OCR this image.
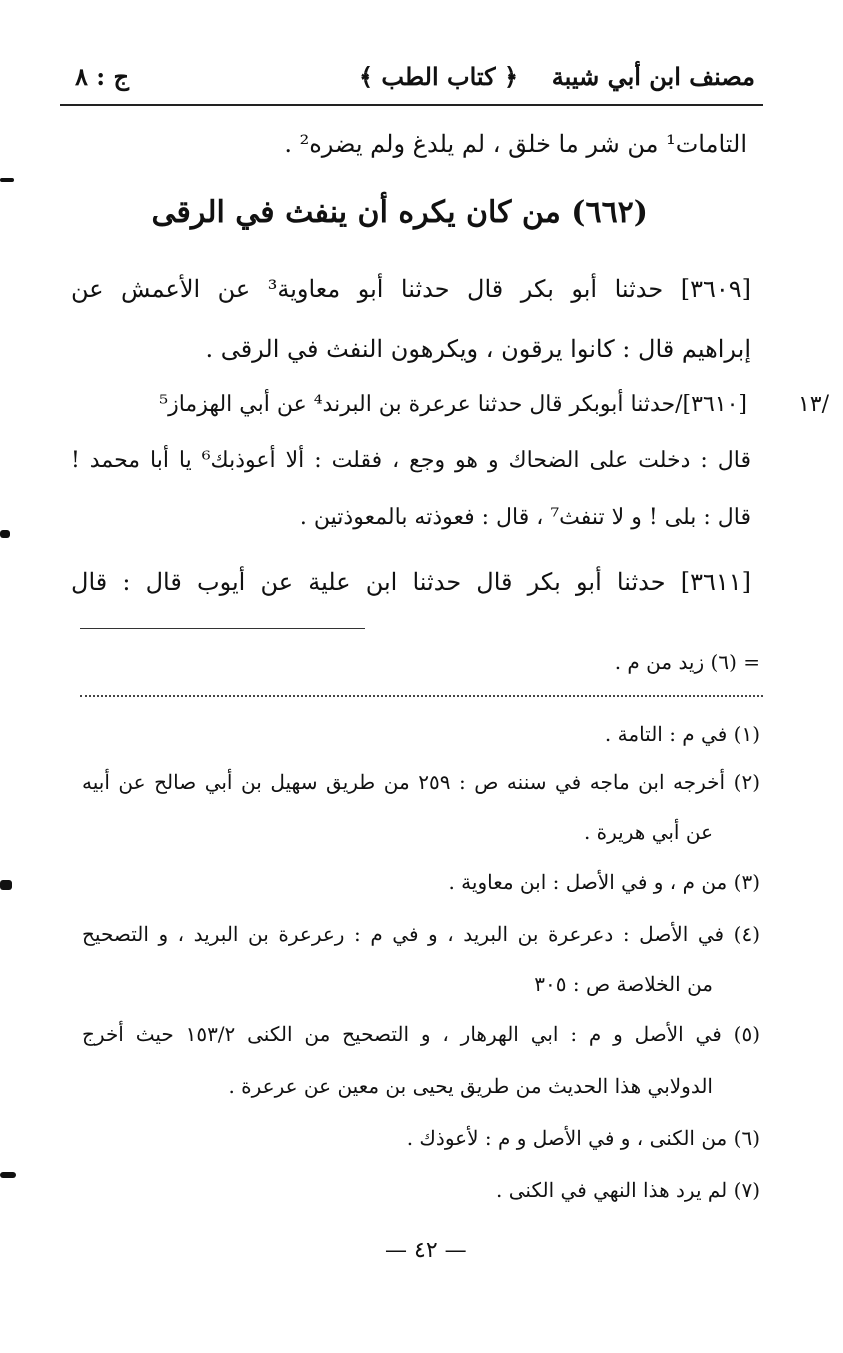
مصنف ابن أبي شيبة
﴿ كتاب الطب ﴾
ج : ٨
التامات¹ من شر ما خلق ، لم يلدغ ولم يضره² .
(٦٦٢) من كان يكره أن ينفث في الرقى
[٣٦٠٩] حدثنا أبو بكر قال حدثنا أبو معاوية³ عن الأعمش عن
إبراهيم قال : كانوا يرقون ، ويكرهون النفث في الرقى .
/١٣
[٣٦١٠]/حدثنا أبوبكر قال حدثنا عرعرة بن البرند⁴ عن أبي الهزماز⁵
قال : دخلت على الضحاك و هو وجع ، فقلت : ألا أعوذبك⁶ يا أبا محمد !
قال : بلى ! و لا تنفث⁷ ، قال : فعوذته بالمعوذتين .
[٣٦١١] حدثنا أبو بكر قال حدثنا ابن علية عن أيوب قال : قال
= (٦) زيد من م .
(١) في م : التامة .
(٢) أخرجه ابن ماجه في سننه ص : ٢٥٩ من طريق سهيل بن أبي صالح عن أبيه
عن أبي هريرة .
(٣) من م ، و في الأصل : ابن معاوية .
(٤) في الأصل : دعرعرة بن البريد ، و في م : رعرعرة بن البريد ، و التصحيح
من الخلاصة ص : ٣٠٥
(٥) في الأصل و م : ابي الهرهار ، و التصحيح من الكنى ١٥٣/٢ حيث أخرج
الدولابي هذا الحديث من طريق يحيى بن معين عن عرعرة .
(٦) من الكنى ، و في الأصل و م : لأعوذك .
(٧) لم يرد هذا النهي في الكنى .
— ٤٢ —
